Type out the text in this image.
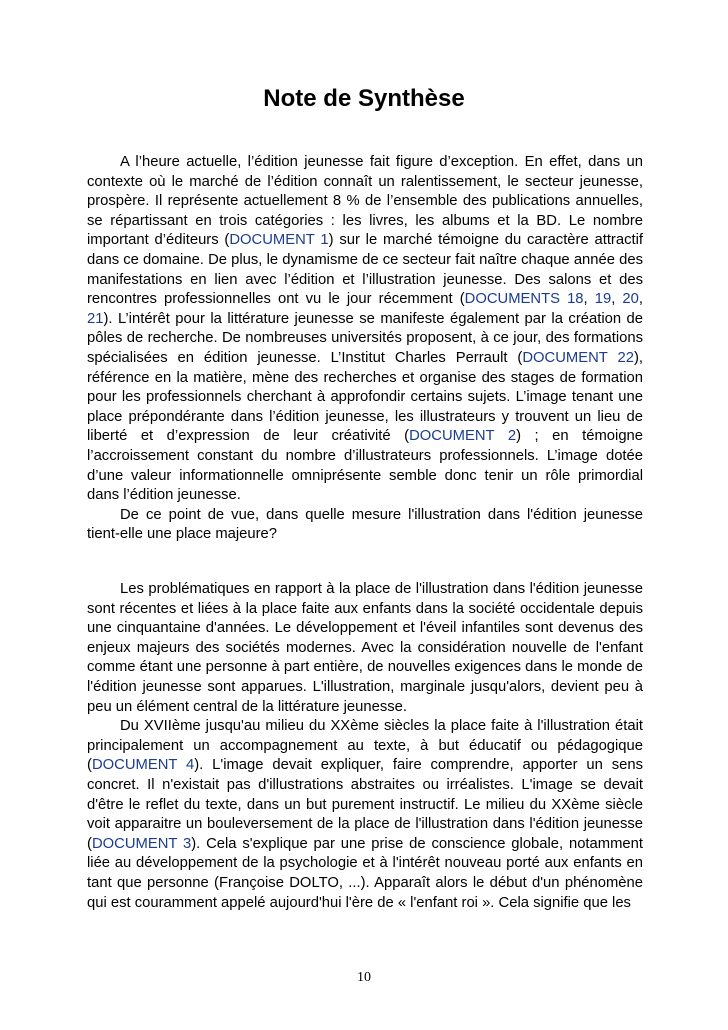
Note de Synthèse

A l’heure actuelle, l’édition jeunesse fait figure d’exception. En effet, dans un contexte où le marché de l’édition connaît un ralentissement, le secteur jeunesse, prospère. Il représente actuellement 8 % de l’ensemble des publications annuelles, se répartissant en trois catégories : les livres, les albums et la BD. Le nombre important d’éditeurs (DOCUMENT 1) sur le marché témoigne du caractère attractif dans ce domaine. De plus, le dynamisme de ce secteur fait naître chaque année des manifestations en lien avec l’édition et l’illustration jeunesse. Des salons et des rencontres professionnelles ont vu le jour récemment (DOCUMENTS 18, 19, 20, 21). L’intérêt pour la littérature jeunesse se manifeste également par la création de pôles de recherche. De nombreuses universités proposent, à ce jour, des formations spécialisées en édition jeunesse. L’Institut Charles Perrault (DOCUMENT 22), référence en la matière, mène des recherches et organise des stages de formation pour les professionnels cherchant à approfondir certains sujets. L’image tenant une place prépondérante dans l’édition jeunesse, les illustrateurs y trouvent un lieu de liberté et d’expression de leur créativité (DOCUMENT 2) ; en témoigne l’accroissement constant du nombre d’illustrateurs professionnels. L’image dotée d’une valeur informationnelle omniprésente semble donc tenir un rôle primordial dans l’édition jeunesse.

De ce point de vue, dans quelle mesure l'illustration dans l'édition jeunesse tient-elle une place majeure?

Les problématiques en rapport à la place de l'illustration dans l'édition jeunesse sont récentes et liées à la place faite aux enfants dans la société occidentale depuis une cinquantaine d'années. Le développement et l'éveil infantiles sont devenus des enjeux majeurs des sociétés modernes. Avec la considération nouvelle de l'enfant comme étant une personne à part entière, de nouvelles exigences dans le monde de l'édition jeunesse sont apparues. L'illustration, marginale jusqu'alors, devient peu à peu un élément central de la littérature jeunesse.

Du XVIIème jusqu'au milieu du XXème siècles la place faite à l'illustration était principalement un accompagnement au texte, à but éducatif ou pédagogique (DOCUMENT 4). L'image devait expliquer, faire comprendre, apporter un sens concret. Il n'existait pas d'illustrations abstraites ou irréalistes. L'image se devait d'être le reflet du texte, dans un but purement instructif. Le milieu du XXème siècle voit apparaitre un bouleversement de la place de l'illustration dans l'édition jeunesse (DOCUMENT 3). Cela s'explique par une prise de conscience globale, notamment liée au développement de la psychologie et à l'intérêt nouveau porté aux enfants en tant que personne (Françoise DOLTO, ...). Apparaît alors le début d'un phénomène qui est couramment appelé aujourd'hui l'ère de « l'enfant roi ». Cela signifie que les

10
